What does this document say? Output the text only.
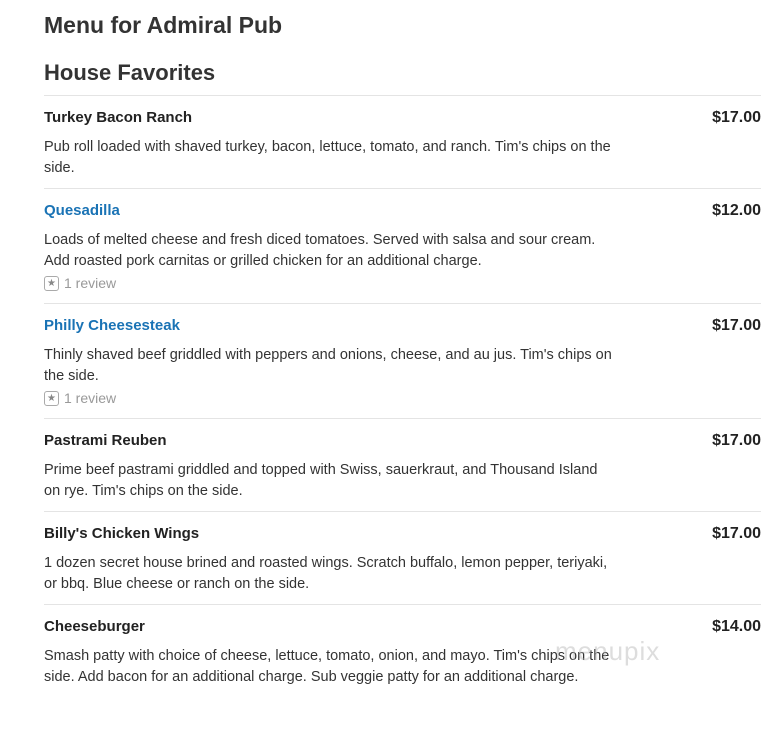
Menu for Admiral Pub
House Favorites
Turkey Bacon Ranch	$17.00
Pub roll loaded with shaved turkey, bacon, lettuce, tomato, and ranch. Tim's chips on the side.
Quesadilla	$12.00
Loads of melted cheese and fresh diced tomatoes. Served with salsa and sour cream. Add roasted pork carnitas or grilled chicken for an additional charge.
★ 1 review
Philly Cheesesteak	$17.00
Thinly shaved beef griddled with peppers and onions, cheese, and au jus. Tim's chips on the side.
★ 1 review
Pastrami Reuben	$17.00
Prime beef pastrami griddled and topped with Swiss, sauerkraut, and Thousand Island on rye. Tim's chips on the side.
Billy's Chicken Wings	$17.00
1 dozen secret house brined and roasted wings. Scratch buffalo, lemon pepper, teriyaki, or bbq. Blue cheese or ranch on the side.
Cheeseburger	$14.00
Smash patty with choice of cheese, lettuce, tomato, onion, and mayo. Tim's chips on the side. Add bacon for an additional charge. Sub veggie patty for an additional charge.
menupix
